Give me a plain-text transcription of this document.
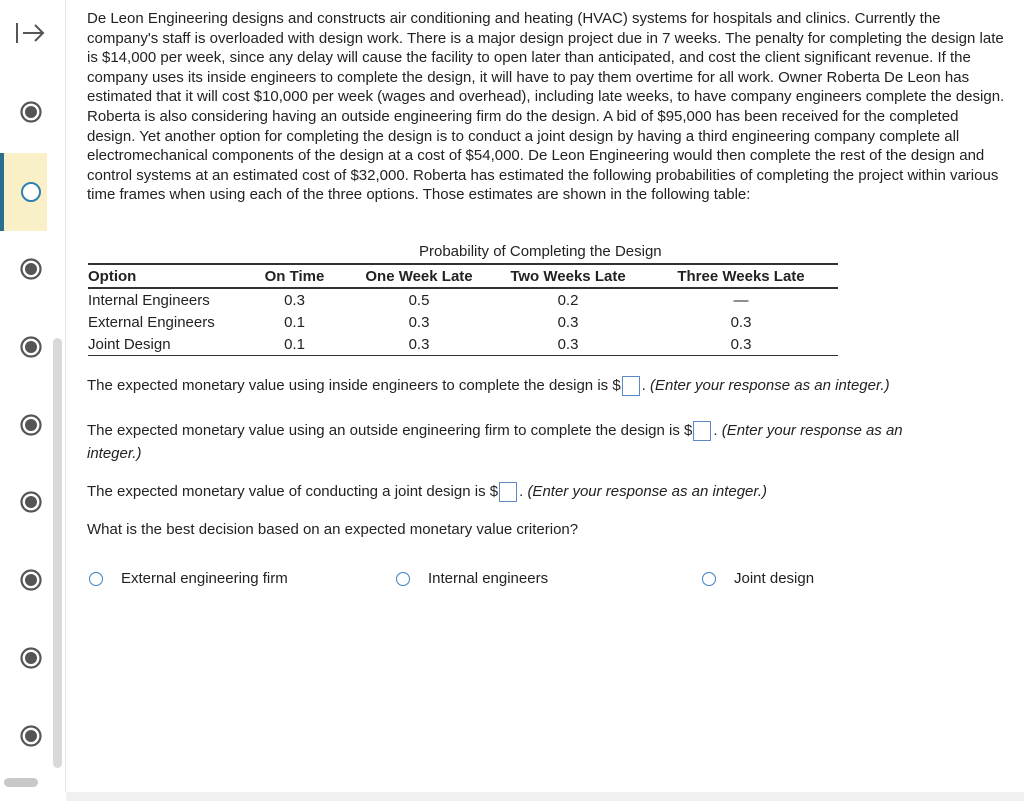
De Leon Engineering designs and constructs air conditioning and heating (HVAC) systems for hospitals and clinics. Currently the company's staff is overloaded with design work. There is a major design project due in 7 weeks. The penalty for completing the design late is $14,000 per week, since any delay will cause the facility to open later than anticipated, and cost the client significant revenue. If the company uses its inside engineers to complete the design, it will have to pay them overtime for all work. Owner Roberta De Leon has estimated that it will cost $10,000 per week (wages and overhead), including late weeks, to have company engineers complete the design. Roberta is also considering having an outside engineering firm do the design. A bid of $95,000 has been received for the completed design. Yet another option for completing the design is to conduct a joint design by having a third engineering company complete all electromechanical components of the design at a cost of $54,000. De Leon Engineering would then complete the rest of the design and control systems at an estimated cost of $32,000. Roberta has estimated the following probabilities of completing the project within various time frames when using each of the three options. Those estimates are shown in the following table:

Probability of Completing the Design
Option	On Time	One Week Late	Two Weeks Late	Three Weeks Late
Internal Engineers	0.3	0.5	0.2	—
External Engineers	0.1	0.3	0.3	0.3
Joint Design	0.1	0.3	0.3	0.3
The expected monetary value using inside engineers to complete the design is $ . (Enter your response as an integer.)
The expected monetary value using an outside engineering firm to complete the design is $ . (Enter your response as an
integer.)
The expected monetary value of conducting a joint design is $ . (Enter your response as an integer.)
What is the best decision based on an expected monetary value criterion?
External engineering firm	Internal engineers	Joint design
